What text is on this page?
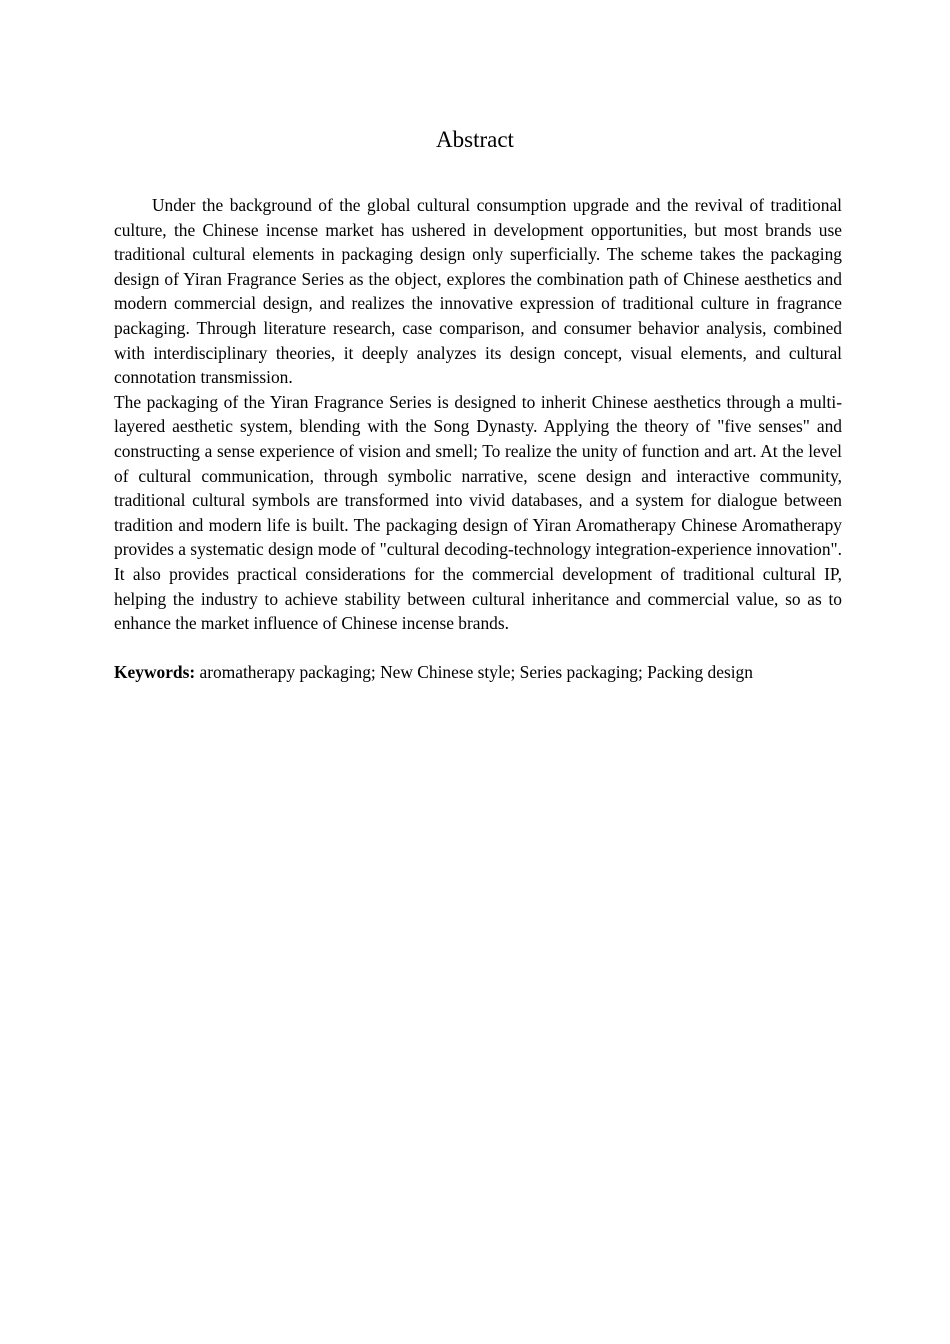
Abstract

Under the background of the global cultural consumption upgrade and the revival of traditional culture, the Chinese incense market has ushered in development opportunities, but most brands use traditional cultural elements in packaging design only superficially. The scheme takes the packaging design of Yiran Fragrance Series as the object, explores the combination path of Chinese aesthetics and modern commercial design, and realizes the innovative expression of traditional culture in fragrance packaging. Through literature research, case comparison, and consumer behavior analysis, combined with interdisciplinary theories, it deeply analyzes its design concept, visual elements, and cultural connotation transmission.

The packaging of the Yiran Fragrance Series is designed to inherit Chinese aesthetics through a multi-layered aesthetic system, blending with the Song Dynasty. Applying the theory of "five senses" and constructing a sense experience of vision and smell; To realize the unity of function and art. At the level of cultural communication, through symbolic narrative, scene design and interactive community, traditional cultural symbols are transformed into vivid databases, and a system for dialogue between tradition and modern life is built. The packaging design of Yiran Aromatherapy Chinese Aromatherapy provides a systematic design mode of "cultural decoding-technology integration-experience innovation". It also provides practical considerations for the commercial development of traditional cultural IP, helping the industry to achieve stability between cultural inheritance and commercial value, so as to enhance the market influence of Chinese incense brands.

Keywords: aromatherapy packaging; New Chinese style; Series packaging; Packing design
